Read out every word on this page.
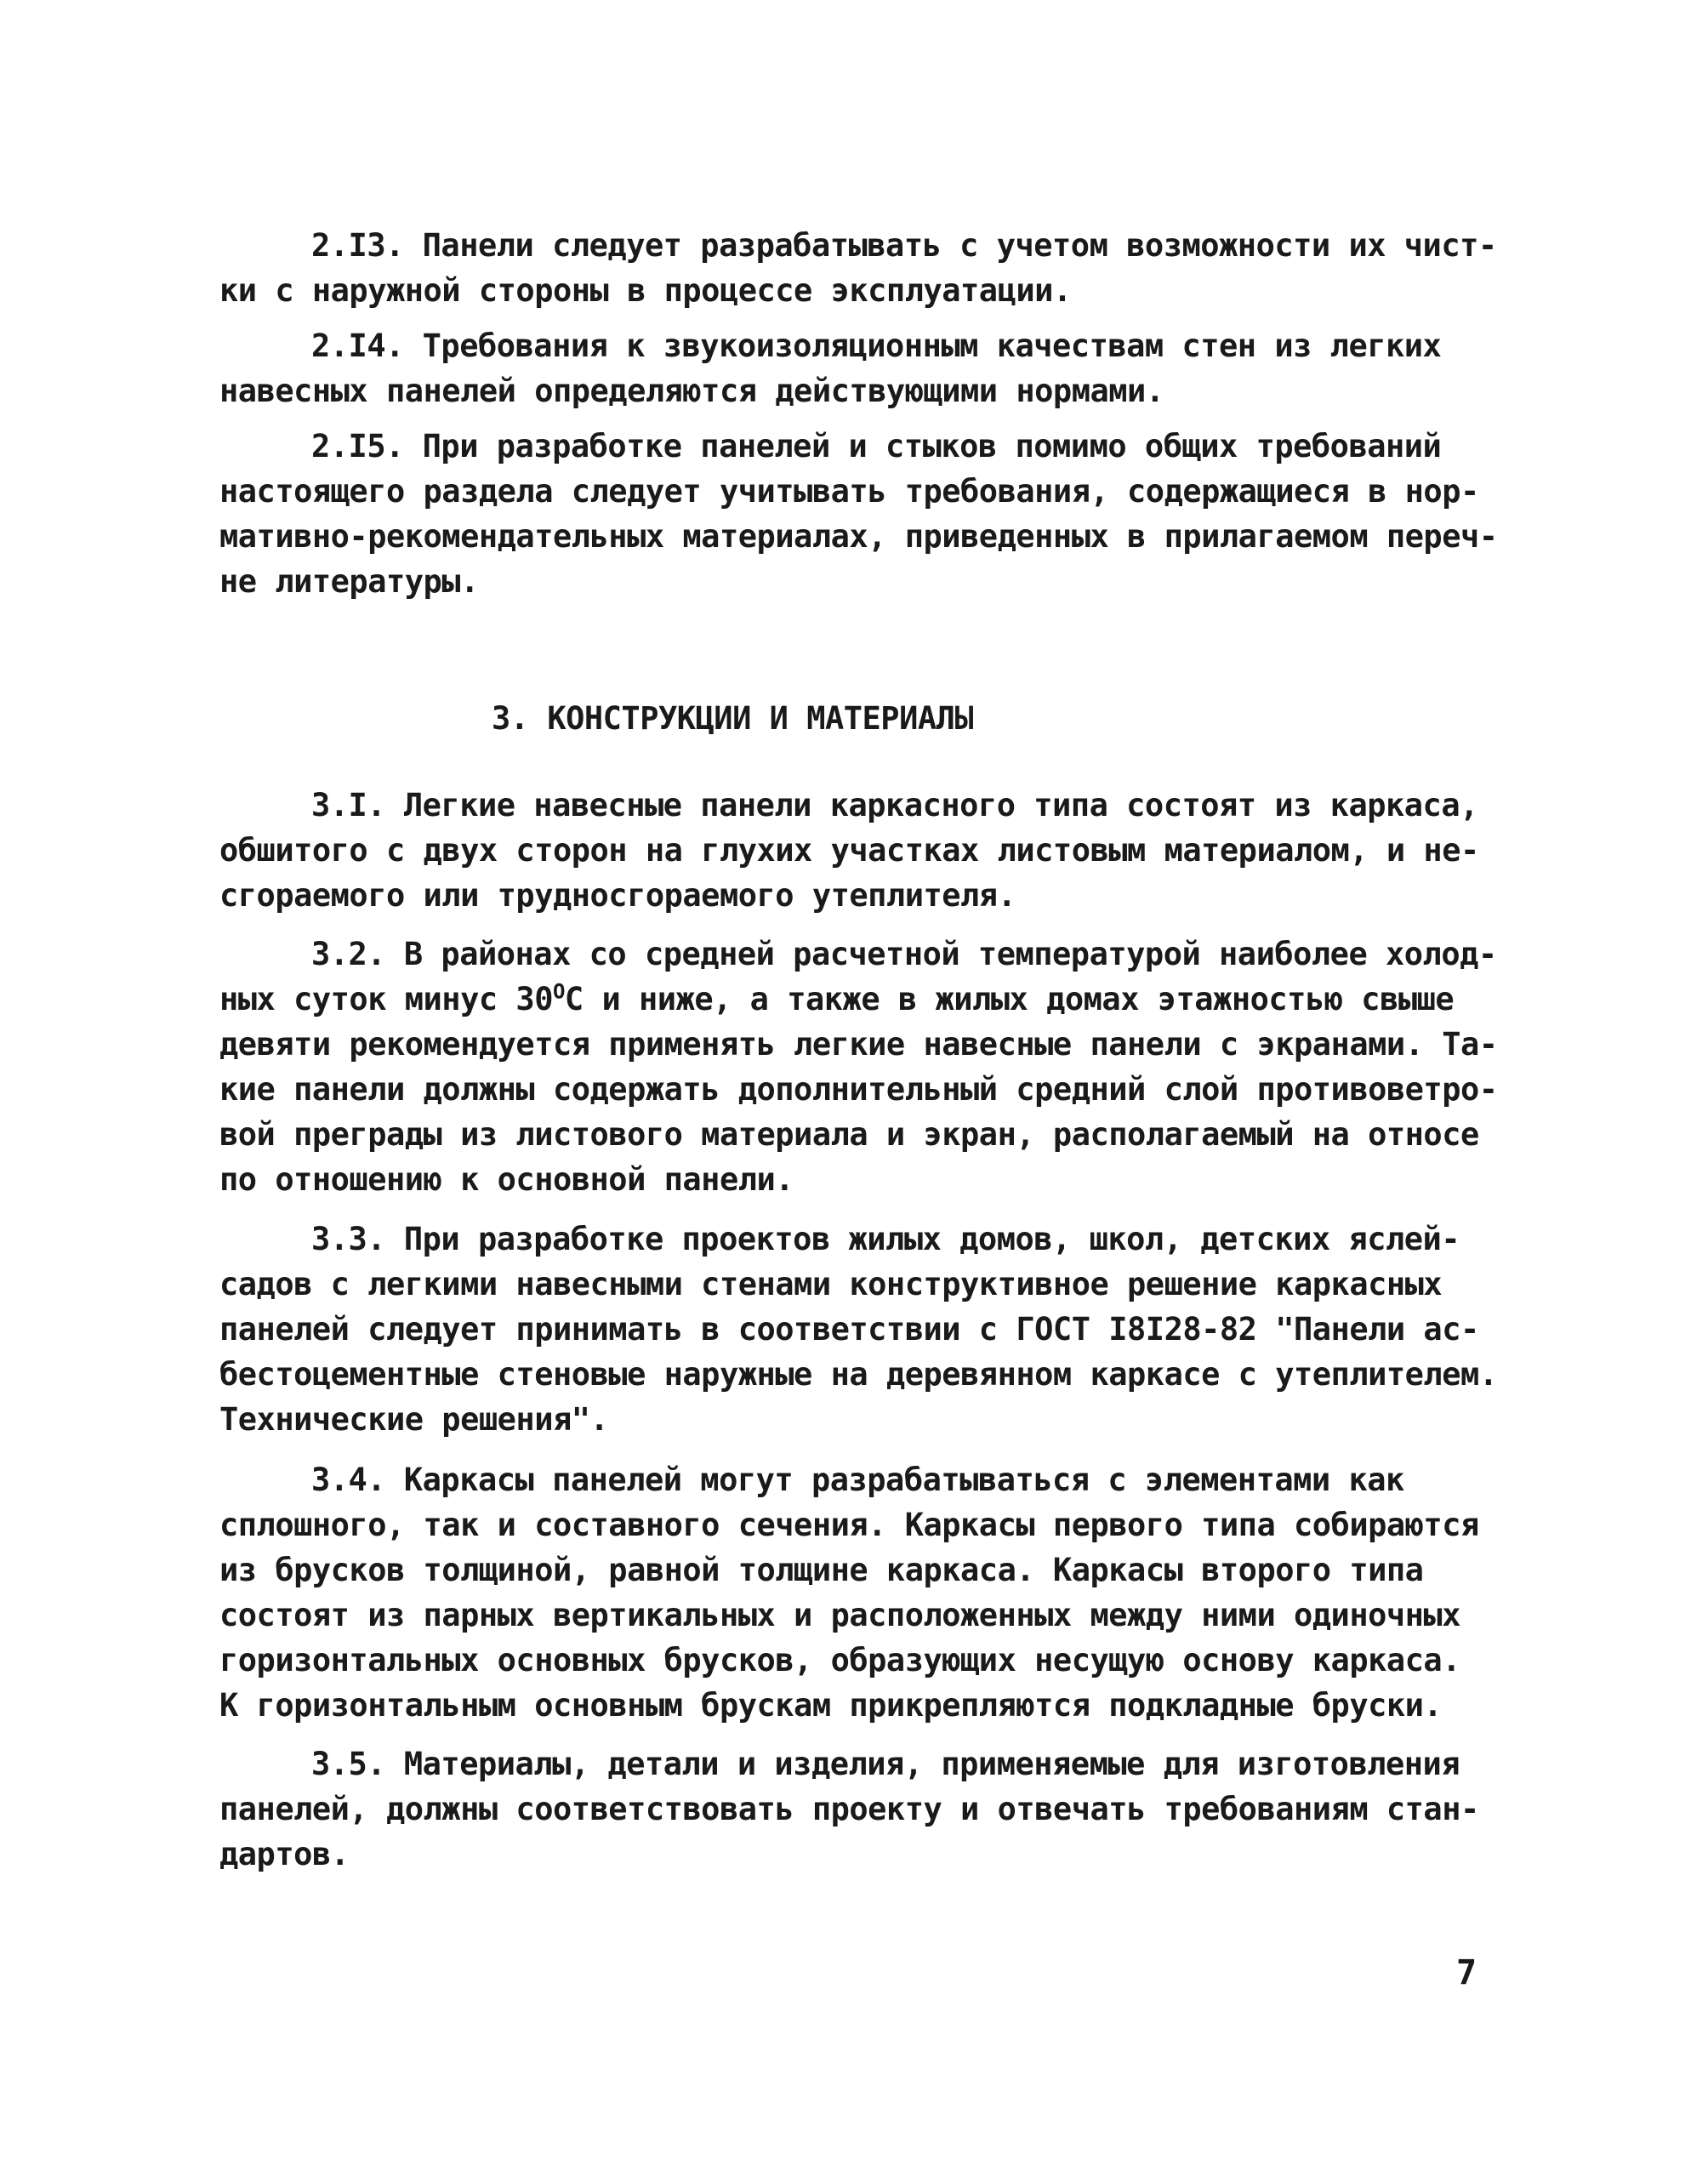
2.I3. Панели следует разрабатывать с учетом возможности их чист-
ки с наружной стороны в процессе эксплуатации.
2.I4. Требования к звукоизоляционным качествам стен из легких
навесных панелей определяются действующими нормами.
2.I5. При разработке панелей и стыков помимо общих требований
настоящего раздела следует учитывать требования, содержащиеся в нор-
мативно-рекомендательных материалах, приведенных в прилагаемом переч-
не литературы.
3. КОНСТРУКЦИИ И МАТЕРИАЛЫ
3.I. Легкие навесные панели каркасного типа состоят из каркаса,
обшитого с двух сторон на глухих участках листовым материалом, и не-
сгораемого или трудносгораемого утеплителя.
3.2. В районах со средней расчетной температурой наиболее холод-
ных суток минус $30^OС$ и ниже, а также в жилых домах этажностью свыше
девяти рекомендуется применять легкие навесные панели с экранами. Та-
кие панели должны содержать дополнительный средний слой противоветро-
вой преграды из листового материала и экран, располагаемый на относе
по отношению к основной панели.
3.3. При разработке проектов жилых домов, школ, детских яслей-
садов с легкими навесными стенами конструктивное решение каркасных
панелей следует принимать в соответствии с ГОСТ I8I28-82 "Панели ас-
бестоцементные стеновые наружные на деревянном каркасе с утеплителем.
Технические решения".
3.4. Каркасы панелей могут разрабатываться с элементами как
сплошного, так и составного сечения. Каркасы первого типа собираются
из брусков толщиной, равной толщине каркаса. Каркасы второго типа
состоят из парных вертикальных и расположенных между ними одиночных
горизонтальных основных брусков, образующих несущую основу каркаса.
К горизонтальным основным брускам прикрепляются подкладные бруски.
3.5. Материалы, детали и изделия, применяемые для изготовления
панелей, должны соответствовать проекту и отвечать требованиям стан-
дартов.
7
